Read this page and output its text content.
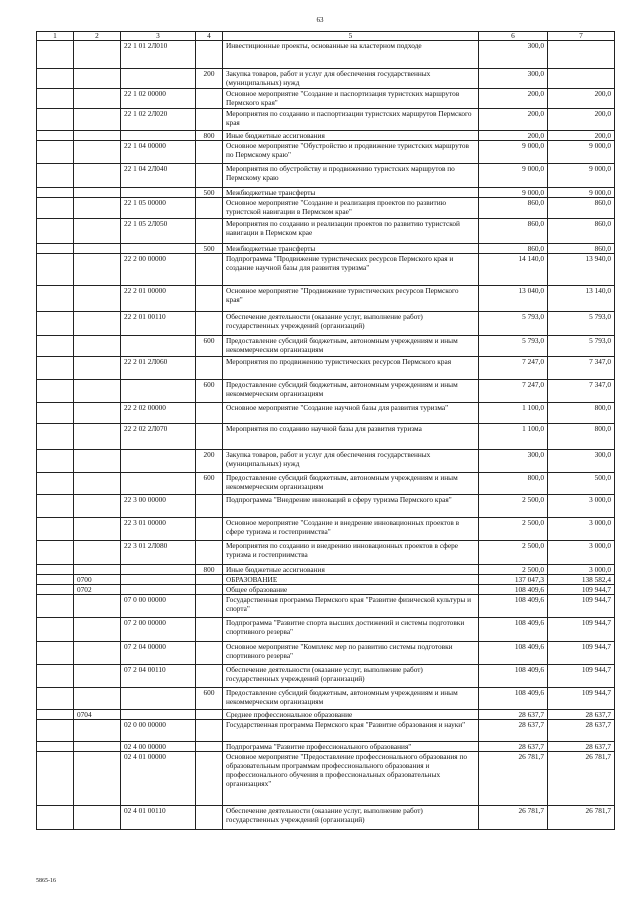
63
1	2	3	4	5	6	7
		22 1 01 2Л010		Инвестиционные проекты, основанные на кластерном подходе	300,0	
			200	Закупка товаров, работ и услуг для обеспечения государственных (муниципальных) нужд	300,0	
		22 1 02 00000		Основное мероприятие "Создание и паспортизация туристских маршрутов Пермского края"	200,0	200,0
		22 1 02 2Л020		Мероприятия по созданию и паспортизации туристских маршрутов Пермского края	200,0	200,0
			800	Иные бюджетные ассигнования	200,0	200,0
		22 1 04 00000		Основное мероприятие "Обустройство и продвижение туристских маршрутов по Пермскому краю"	9 000,0	9 000,0
		22 1 04 2Л040		Мероприятия по обустройству и продвижению туристских маршрутов по Пермскому краю	9 000,0	9 000,0
			500	Межбюджетные трансферты	9 000,0	9 000,0
		22 1 05 00000		Основное мероприятие "Создание и реализация проектов по развитию туристской навигации в Пермском крае"	860,0	860,0
		22 1 05 2Л050		Мероприятия по созданию и реализации проектов по развитию туристской навигации в Пермском крае	860,0	860,0
			500	Межбюджетные трансферты	860,0	860,0
		22 2 00 00000		Подпрограмма "Продвижение туристических ресурсов Пермского края и создание научной базы для развития туризма"	14 140,0	13 940,0
		22 2 01 00000		Основное мероприятие "Продвижение туристических ресурсов Пермского края"	13 040,0	13 140,0
		22 2 01 00110		Обеспечение деятельности (оказание услуг, выполнение работ) государственных учреждений (организаций)	5 793,0	5 793,0
			600	Предоставление субсидий бюджетным, автономным учреждениям и иным некоммерческим организациям	5 793,0	5 793,0
		22 2 01 2Л060		Мероприятия по продвижению туристических ресурсов Пермского края	7 247,0	7 347,0
			600	Предоставление субсидий бюджетным, автономным учреждениям и иным некоммерческим организациям	7 247,0	7 347,0
		22 2 02 00000		Основное мероприятие "Создание научной базы для развития туризма"	1 100,0	800,0
		22 2 02 2Л070		Мероприятия по созданию научной базы для развития туризма	1 100,0	800,0
			200	Закупка товаров, работ и услуг для обеспечения государственных (муниципальных) нужд	300,0	300,0
			600	Предоставление субсидий бюджетным, автономным учреждениям и иным некоммерческим организациям	800,0	500,0
		22 3 00 00000		Подпрограмма "Внедрение инноваций в сферу туризма Пермского края"	2 500,0	3 000,0
		22 3 01 00000		Основное мероприятие "Создание и внедрение инновационных проектов в сфере туризма и гостеприимства"	2 500,0	3 000,0
		22 3 01 2Л080		Мероприятия по созданию и внедрению инновационных проектов в сфере туризма и гостеприимства	2 500,0	3 000,0
			800	Иные бюджетные ассигнования	2 500,0	3 000,0
	0700			ОБРАЗОВАНИЕ	137 047,3	138 582,4
	0702			Общее образование	108 409,6	109 944,7
		07 0 00 00000		Государственная программа Пермского края "Развитие физической культуры и спорта"	108 409,6	109 944,7
		07 2 00 00000		Подпрограмма "Развитие спорта высших достижений и системы подготовки спортивного резерва"	108 409,6	109 944,7
		07 2 04 00000		Основное мероприятие "Комплекс мер по развитию системы подготовки спортивного резерва"	108 409,6	109 944,7
		07 2 04 00110		Обеспечение деятельности (оказание услуг, выполнение работ) государственных учреждений (организаций)	108 409,6	109 944,7
			600	Предоставление субсидий бюджетным, автономным учреждениям и иным некоммерческим организациям	108 409,6	109 944,7
	0704			Среднее профессиональное образование	28 637,7	28 637,7
		02 0 00 00000		Государственная программа Пермского края "Развитие образования и науки"	28 637,7	28 637,7
		02 4 00 00000		Подпрограмма "Развитие профессионального образования"	28 637,7	28 637,7
		02 4 01 00000		Основное мероприятие "Предоставление профессионального образования по образовательным программам профессионального образования и профессионального обучения в профессиональных образовательных организациях"	26 781,7	26 781,7
		02 4 01 00110		Обеспечение деятельности (оказание услуг, выполнение работ) государственных учреждений (организаций)	26 781,7	26 781,7
5865-16
